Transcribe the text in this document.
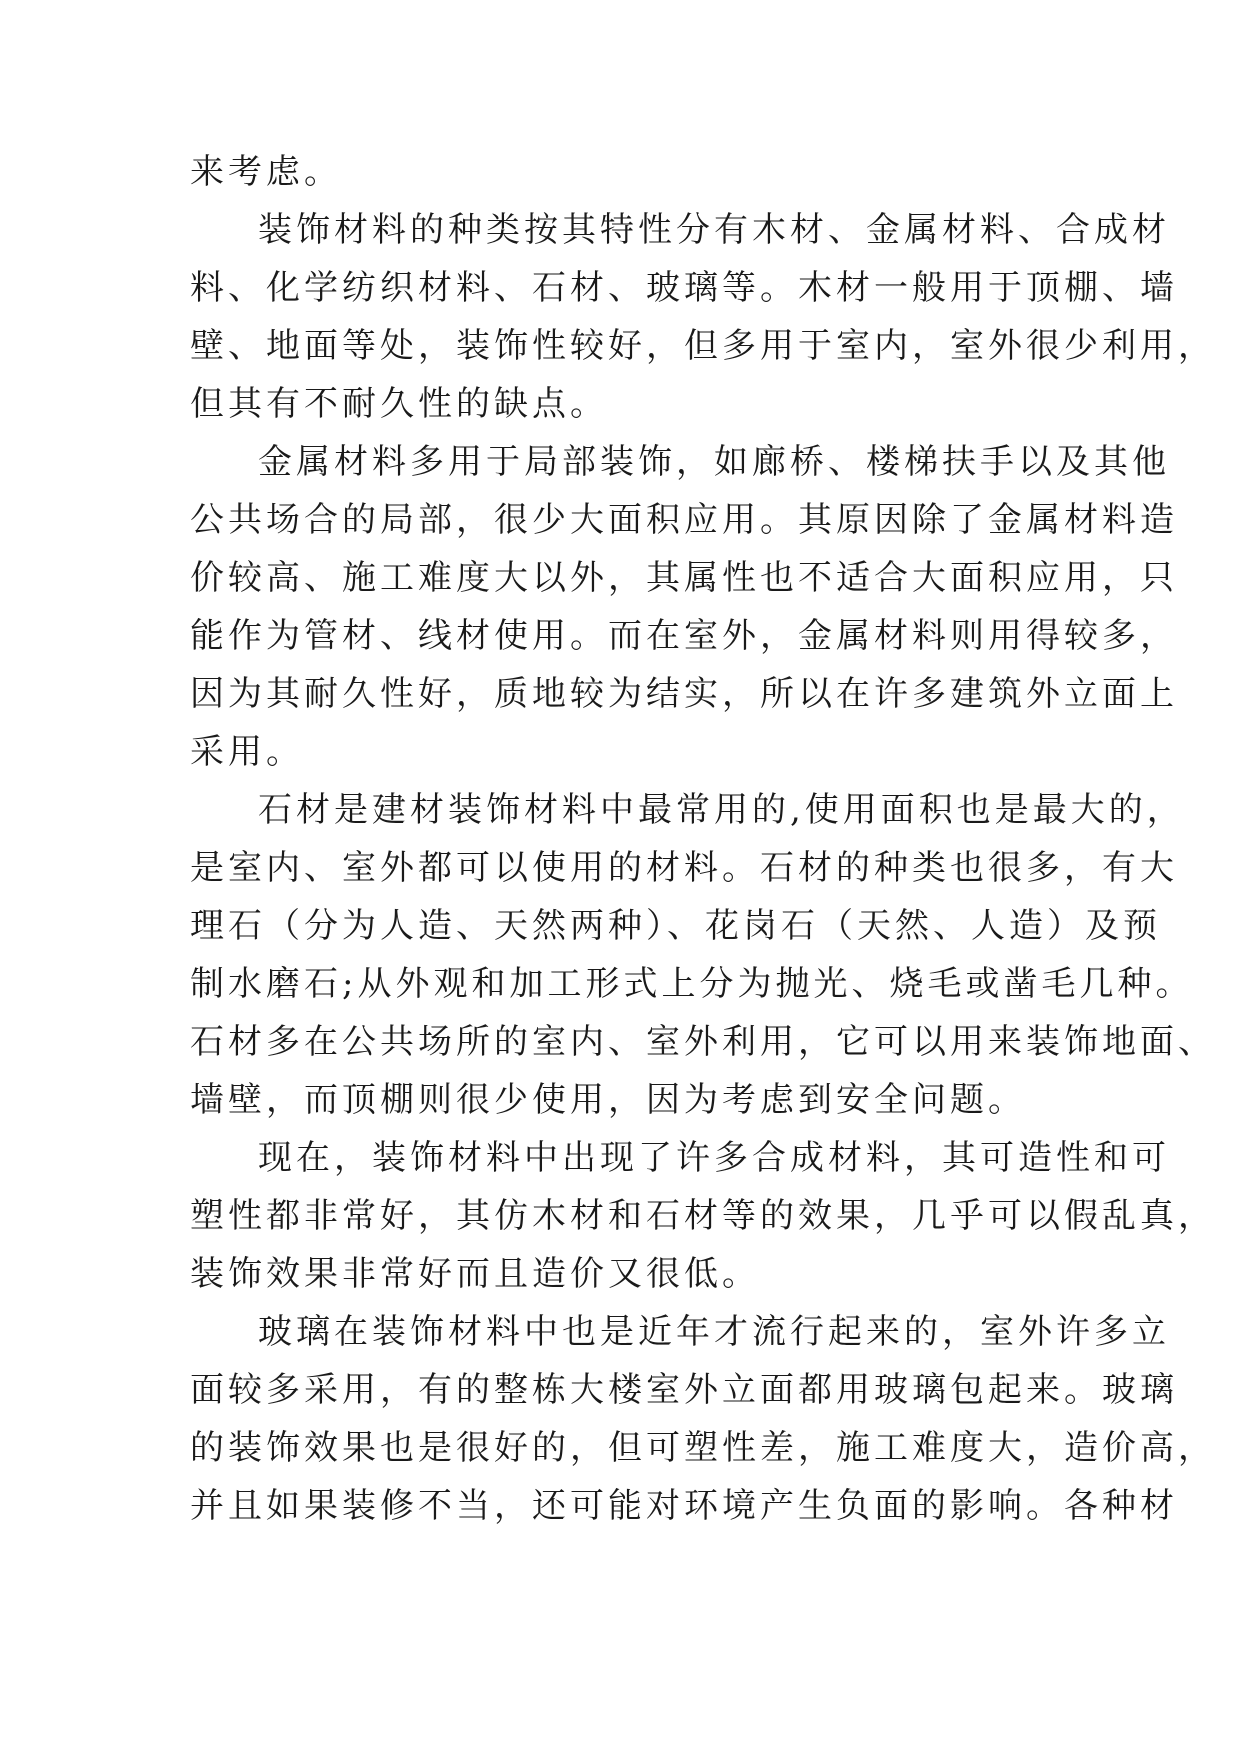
来考虑。
装饰材料的种类按其特性分有木材、金属材料、合成材
料、化学纺织材料、石材、玻璃等。木材一般用于顶棚、墙
壁、地面等处，装饰性较好，但多用于室内，室外很少利用，
但其有不耐久性的缺点。
金属材料多用于局部装饰，如廊桥、楼梯扶手以及其他
公共场合的局部，很少大面积应用。其原因除了金属材料造
价较高、施工难度大以外，其属性也不适合大面积应用，只
能作为管材、线材使用。而在室外，金属材料则用得较多，
因为其耐久性好，质地较为结实，所以在许多建筑外立面上
采用。
石材是建材装饰材料中最常用的,使用面积也是最大的，
是室内、室外都可以使用的材料。石材的种类也很多，有大
理石（分为人造、天然两种）、花岗石（天然、人造）及预
制水磨石;从外观和加工形式上分为抛光、烧毛或凿毛几种。
石材多在公共场所的室内、室外利用，它可以用来装饰地面、
墙壁，而顶棚则很少使用，因为考虑到安全问题。
现在，装饰材料中出现了许多合成材料，其可造性和可
塑性都非常好，其仿木材和石材等的效果，几乎可以假乱真，
装饰效果非常好而且造价又很低。
玻璃在装饰材料中也是近年才流行起来的，室外许多立
面较多采用，有的整栋大楼室外立面都用玻璃包起来。玻璃
的装饰效果也是很好的，但可塑性差，施工难度大，造价高，
并且如果装修不当，还可能对环境产生负面的影响。各种材
